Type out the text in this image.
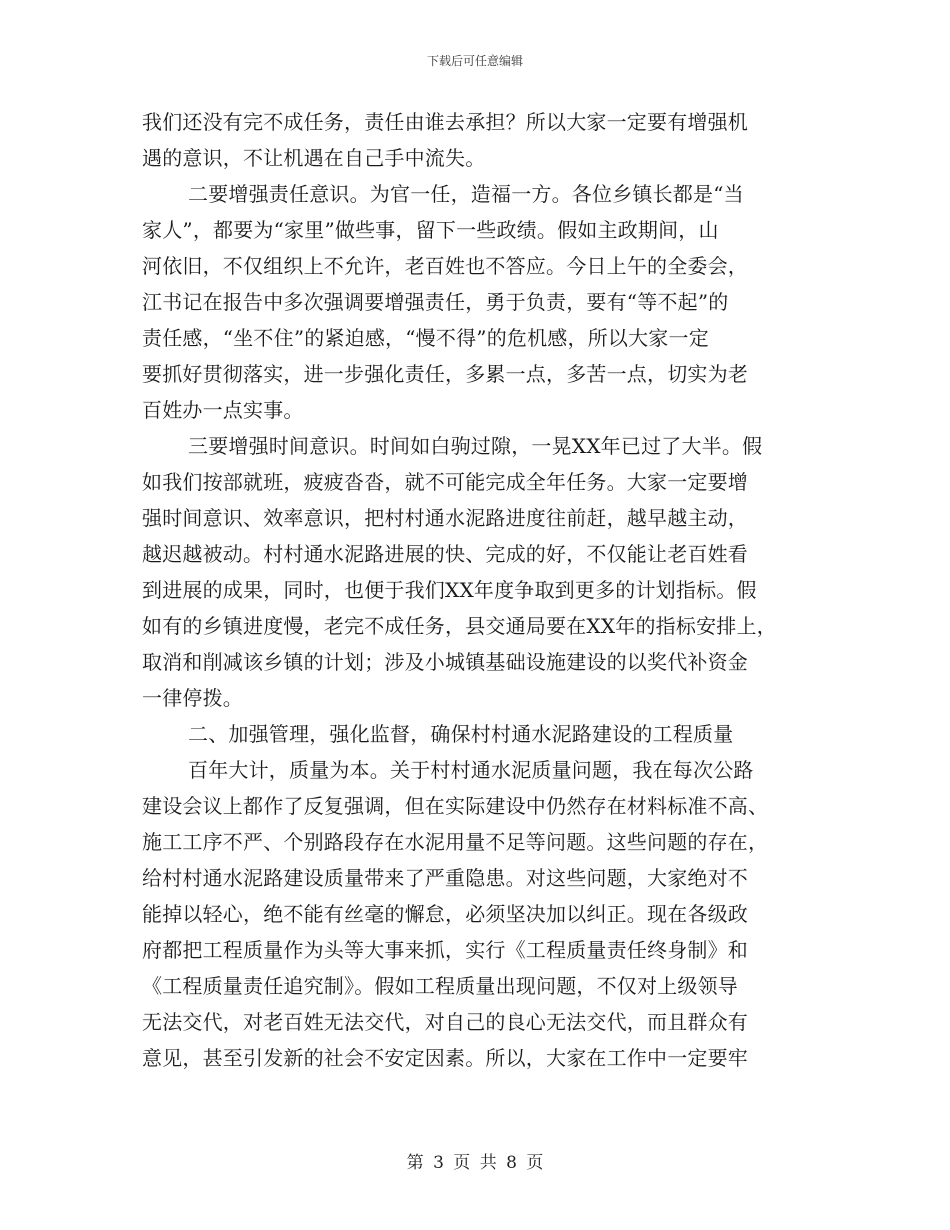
下载后可任意编辑
我们还没有完不成任务，责任由谁去承担？所以大家一定要有增强机
遇的意识，不让机遇在自己手中流失。
二要增强责任意识。为官一任，造福一方。各位乡镇长都是“当
家人”，都要为“家里”做些事，留下一些政绩。假如主政期间，山
河依旧，不仅组织上不允许，老百姓也不答应。今日上午的全委会，
江书记在报告中多次强调要增强责任，勇于负责，要有“等不起”的
责任感，“坐不住”的紧迫感，“慢不得”的危机感，所以大家一定
要抓好贯彻落实，进一步强化责任，多累一点，多苦一点，切实为老
百姓办一点实事。
三要增强时间意识。时间如白驹过隙，一晃XX年已过了大半。假
如我们按部就班，疲疲沓沓，就不可能完成全年任务。大家一定要增
强时间意识、效率意识，把村村通水泥路进度往前赶，越早越主动，
越迟越被动。村村通水泥路进展的快、完成的好，不仅能让老百姓看
到进展的成果，同时，也便于我们XX年度争取到更多的计划指标。假
如有的乡镇进度慢，老完不成任务，县交通局要在XX年的指标安排上，
取消和削减该乡镇的计划；涉及小城镇基础设施建设的以奖代补资金
一律停拨。
二、加强管理，强化监督，确保村村通水泥路建设的工程质量
百年大计，质量为本。关于村村通水泥质量问题，我在每次公路
建设会议上都作了反复强调，但在实际建设中仍然存在材料标准不高、
施工工序不严、个别路段存在水泥用量不足等问题。这些问题的存在，
给村村通水泥路建设质量带来了严重隐患。对这些问题，大家绝对不
能掉以轻心，绝不能有丝毫的懈怠，必须坚决加以纠正。现在各级政
府都把工程质量作为头等大事来抓，实行《工程质量责任终身制》和
《工程质量责任追究制》。假如工程质量出现问题，不仅对上级领导
无法交代，对老百姓无法交代，对自己的良心无法交代，而且群众有
意见，甚至引发新的社会不安定因素。所以，大家在工作中一定要牢
第 3 页 共 8 页
